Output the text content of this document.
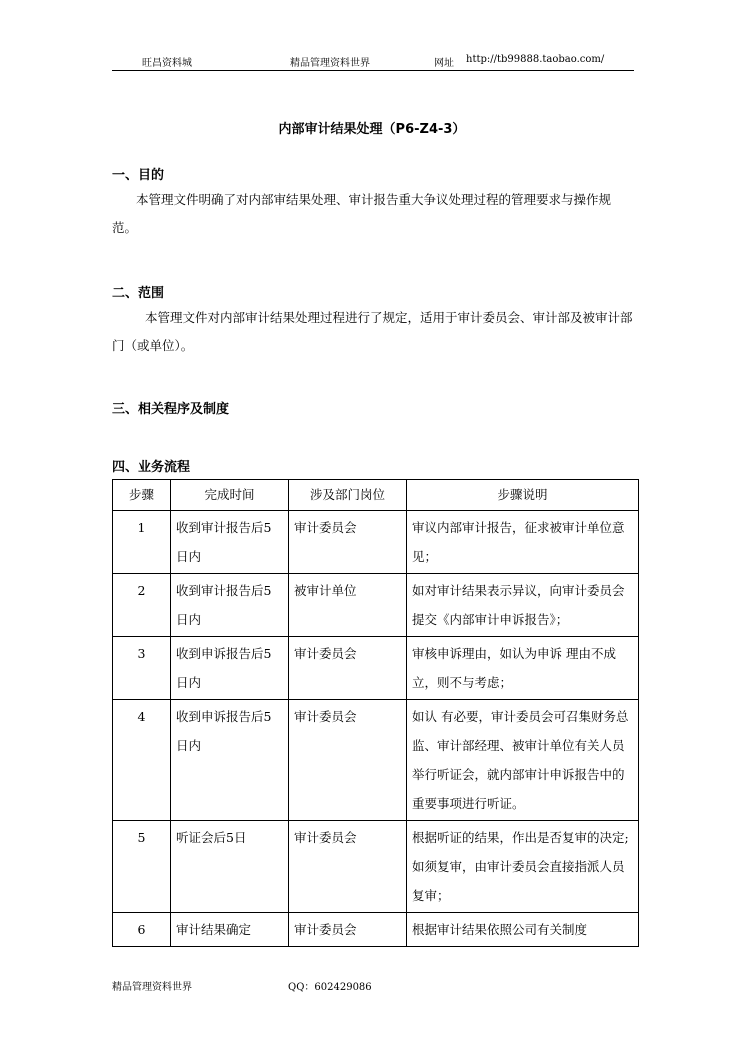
旺昌资料城	精品管理资料世界	网址 http://tb99888.taobao.com/
内部审计结果处理（P6-Z4-3）
一、目的

本管理文件明确了对内部审结果处理、审计报告重大争议处理过程的管理要求与操作规范。

二、范围

本管理文件对内部审计结果处理过程进行了规定，适用于审计委员会、审计部及被审计部门（或单位）。

三、相关程序及制度
四、业务流程
步骤	完成时间	涉及部门岗位	步骤说明
1	收到审计报告后5日内	审计委员会	审议内部审计报告，征求被审计单位意见；
2	收到审计报告后5日内	被审计单位	如对审计结果表示异议，向审计委员会提交《内部审计申诉报告》；
3	收到申诉报告后5日内	审计委员会	审核申诉理由，如认为申诉 理由不成立，则不与考虑；
4	收到申诉报告后5日内	审计委员会	如认 有必要，审计委员会可召集财务总监、审计部经理、被审计单位有关人员举行听证会，就内部审计申诉报告中的重要事项进行听证。
5	听证会后5日	审计委员会	根据听证的结果，作出是否复审的决定; 如须复审，由审计委员会直接指派人员复审；
6	审计结果确定	审计委员会	根据审计结果依照公司有关制度
精品管理资料世界	QQ：602429086
